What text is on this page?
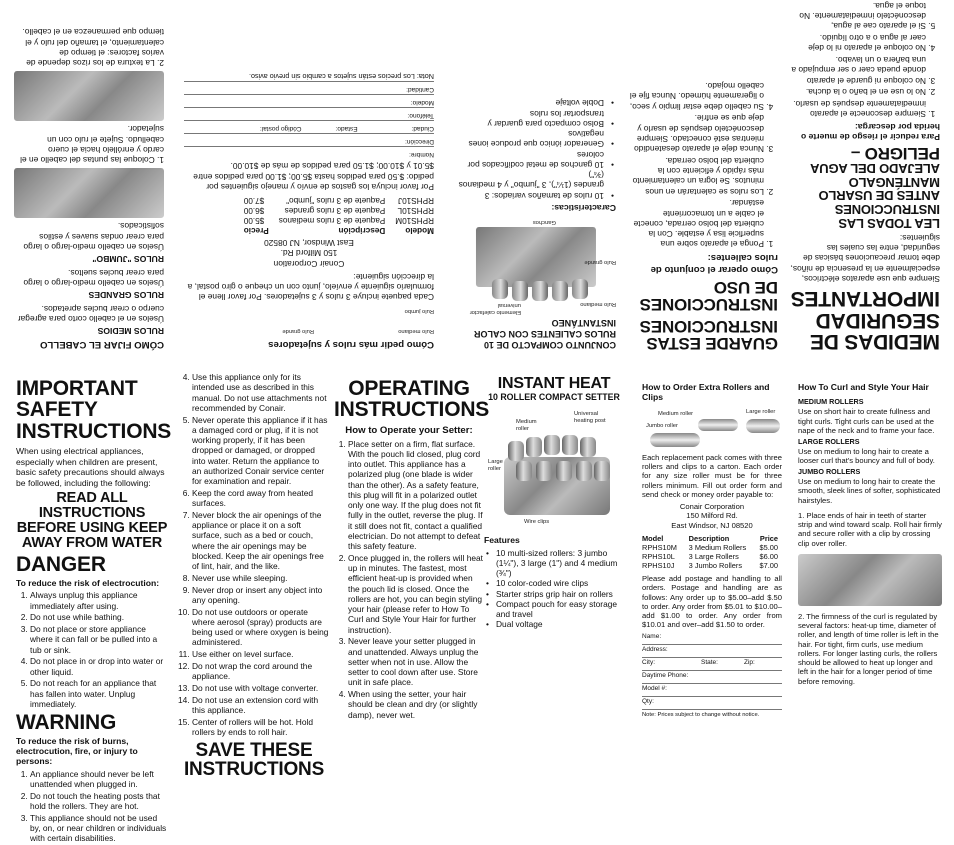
MEDIDAS DE SEGURIDAD IMPORTANTES

Siempre que use aparatos eléctricos, especialmente en la presencia de niños, debe tomar precauciones básicas de seguridad, entre las cuales las siguientes:

LEA TODAS LAS INSTRUCCIONES ANTES DE USARLO MANTÉNGALO ALEJADO DEL AGUA
PELIGRO –
Para reducir el riesgo de muerte o herida por descarga:
1. Siempre desconecte el aparato inmediatamente después de usarlo.
2. No lo use en el baño o la ducha.
3. No coloque ni guarde el aparato donde pueda caer o ser empujado a una bañera o un lavabo.
4. No coloque el aparato ni lo deje caer al agua o a otro líquido.
5. Si el aparato cae al agua, desconéctelo inmediatamente. No toque el agua.
GUARDE ESTAS INSTRUCCIONES
INSTRUCCIONES DE USO
Cómo operar el conjunto de rulos calientes:
1. Ponga el aparato sobre una superficie lisa y estable. Con la cubierta del bolso cerrada, conecte el cable a un tomacorriente estándar.
2. Los rulos se calentarán en unos minutos. Se logra un calentamiento más rápido y eficiente con la cubierta del bolso cerrada.
3. Nunca deje el aparato desatendido mientras esté conectado. Siempre desconéctelo después de usarlo y deje que se enfríe.
4. Su cabello debe estar limpio y seco, o ligeramente húmedo. Nunca fije el cabello mojado.
CONJUNTO COMPACTO DE 10 RULOS CALIENTES CON CALOR INSTANTÁNEO
Elemento calefactor universal	Rulo mediano
Rulo grande
Ganchos
Características:
• 10 rulos de tamaños variados: 3 grandes (1¼"), 3 "jumbo" y 4 medianos (¾")
• 10 ganchos de metal codificados por colores
• Generador iónico que produce iones negativos
• Bolso compacto para guardar y transportar los rulos
• Doble voltaje
Cómo pedir más rulos y sujetadores
Rulo mediano
Rulo grande
Rulo jumbo

Cada paquete incluye 3 rulos y 3 sujetadores. Por favor llene el formulario siguiente y envíelo, junto con un cheque o giro postal, a la dirección siguiente:

Conair Corporation
150 Milford Rd.
East Windsor, NJ 08520
Modelo	Descripción	Precio
RPHS10M	Paquete de 3 rulos medianos	$5.00
RPHS10L	Paquete de 3 rulos grandes	$6.00
RPHS10J	Paquete de 3 rulos "jumbo"	$7.00

Por favor incluya los gastos de envío y manejo siguientes por pedido: $.50 para pedidos hasta $5.00; $1.00 para pedidos entre $5.01 y $10.00; $1.50 para pedidos de más de $10.00.

Nombre:
Dirección:
Ciudad:
Estado:
Código postal:
Teléfono:
Modelo:
Cantidad:
Nota: Los precios están sujetos a cambio sin previo aviso.
CÓMO FIJAR EL CABELLO
RULOS MEDIOS

Úselos en el cabello corto para agregar cuerpo o crear bucles apretados.

RULOS GRANDES

Úselos en cabello medio-largo o largo para crear bucles sueltos.

RULOS "JUMBO"

Úselos en cabello medio-largo o largo para crear ondas suaves y estilos sofisticados.

1. Coloque las puntas del cabello en el cardo y enróllelo hacia el cuero cabelludo. Sujete el rulo con un sujetador.

2. La textura de los rizos depende de varios factores: el tiempo de calentamiento, el tamaño del rulo y el tiempo que permanezca en el cabello.

IMPORTANT SAFETY INSTRUCTIONS

When using electrical appliances, especially when children are present, basic safety precautions should always be followed, including the following:

READ ALL INSTRUCTIONS BEFORE USING KEEP AWAY FROM WATER
DANGER
To reduce the risk of electrocution:
1. Always unplug this appliance immediately after using.
2. Do not use while bathing.
3. Do not place or store appliance where it can fall or be pulled into a tub or sink.
4. Do not place in or drop into water or other liquid.
5. Do not reach for an appliance that has fallen into water. Unplug immediately.
WARNING
To reduce the risk of burns, electrocution, fire, or injury to persons:
1. An appliance should never be left unattended when plugged in.
2. Do not touch the heating posts that hold the rollers. They are hot.
3. This appliance should not be used by, on, or near children or individuals with certain disabilities.
4. Use this appliance only for its intended use as described in this manual. Do not use attachments not recommended by Conair.
5. Never operate this appliance if it has a damaged cord or plug, if it is not working properly, if it has been dropped or damaged, or dropped into water. Return the appliance to an authorized Conair service center for examination and repair.
6. Keep the cord away from heated surfaces.
7. Never block the air openings of the appliance or place it on a soft surface, such as a bed or couch, where the air openings may be blocked. Keep the air openings free of lint, hair, and the like.
8. Never use while sleeping.
9. Never drop or insert any object into any opening.
10. Do not use outdoors or operate where aerosol (spray) products are being used or where oxygen is being administered.
11. Use either on level surface.
12. Do not wrap the cord around the appliance.
13. Do not use with voltage converter.
14. Do not use an extension cord with this appliance.
15. Center of rollers will be hot. Hold rollers by ends to roll hair.
SAVE THESE INSTRUCTIONS
OPERATING INSTRUCTIONS
How to Operate your Setter:
1. Place setter on a firm, flat surface. With the pouch lid closed, plug cord into outlet. This appliance has a polarized plug (one blade is wider than the other). As a safety feature, this plug will fit in a polarized outlet only one way. If the plug does not fit fully in the outlet, reverse the plug. If it still does not fit, contact a qualified electrician. Do not attempt to defeat this safety feature.
2. Once plugged in, the rollers will heat up in minutes. The fastest, most efficient heat-up is provided when the pouch lid is closed. Once the rollers are hot, you can begin styling your hair (please refer to How To Curl and Style Your Hair for further instruction).
3. Never leave your setter plugged in and unattended. Always unplug the setter when not in use. Allow the setter to cool down after use. Store unit in safe place.
4. When using the setter, your hair should be clean and dry (or slightly damp), never wet.
INSTANT HEAT
10 ROLLER COMPACT SETTER
Universal heating post
Medium roller
Large roller
Wire clips
Features
• 10 multi-sized rollers: 3 jumbo (1¼"), 3 large (1") and 4 medium (¾")
• 10 color-coded wire clips
• Starter strips grip hair on rollers
• Compact pouch for easy storage and travel
• Dual voltage
How to Order Extra Rollers and Clips
Medium roller	Large roller
Jumbo roller

Each replacement pack comes with three rollers and clips to a carton. Each order for any size roller must be for three rollers minimum. Fill out order form and send check or money order payable to:

Conair Corporation
150 Milford Rd.
East Windsor, NJ 08520
Model	Description	Price
RPHS10M	3 Medium Rollers	$5.00
RPHS10L	3 Large Rollers	$6.00
RPHS10J	3 Jumbo Rollers	$7.00

Please add postage and handling to all orders. Postage and handling are as follows: Any order up to $5.00–add $.50 to order. Any order from $5.01 to $10.00–add $1.00 to order. Any order from $10.01 and over–add $1.50 to order.

Name:
Address:
City:	State:	Zip:
Daytime Phone:
Model #:
Qty:
Note: Prices subject to change without notice.
How To Curl and Style Your Hair
MEDIUM ROLLERS

Use on short hair to create fullness and tight curls. Tight curls can be used at the nape of the neck and to frame your face.

LARGE ROLLERS

Use on medium to long hair to create a looser curl that's bouncy and full of body.

JUMBO ROLLERS

Use on medium to long hair to create the smooth, sleek lines of softer, sophisticated hairstyles.

1. Place ends of hair in teeth of starter strip and wind toward scalp. Roll hair firmly and secure roller with a clip by crossing clip over roller.

2. The firmness of the curl is regulated by several factors: heat-up time, diameter of roller, and length of time roller is left in the hair. For tight, firm curls, use medium rollers. For longer lasting curls, the rollers should be allowed to heat up longer and left in the hair for a longer period of time before removing.
